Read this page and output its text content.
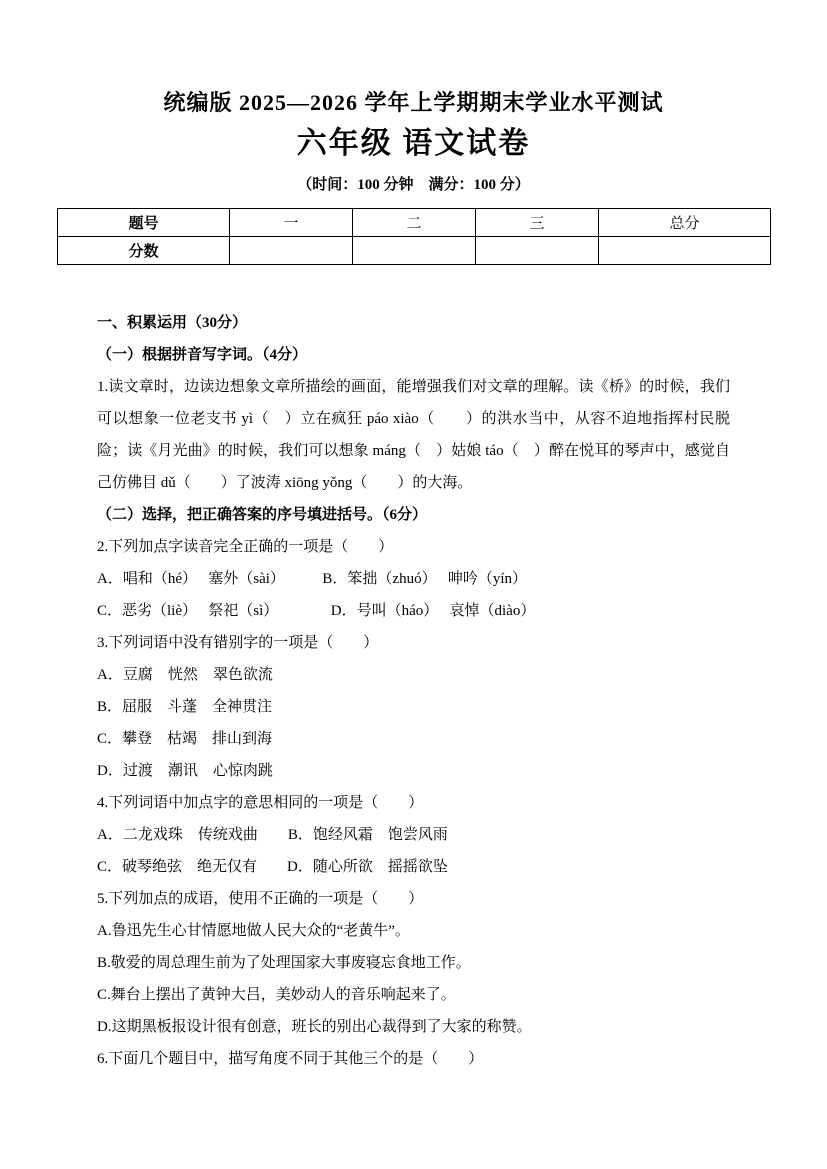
统编版 2025—2026 学年上学期期末学业水平测试
六年级 语文试卷
（时间：100 分钟　满分：100 分）
题号	一	二	三	总分
分数				

一、积累运用（30分）

（一）根据拼音写字词。（4分）

1.读文章时，边读边想象文章所描绘的画面，能增强我们对文章的理解。读《桥》的时候，我们可以想象一位老支书 yì（　）立在疯狂 páo xiào（　　）的洪水当中，从容不迫地指挥村民脱险；读《月光曲》的时候，我们可以想象 máng（　）姑娘 táo（　）醉在悦耳的琴声中，感觉自己仿佛目 dǔ（　　）了波涛 xiōng yǒng（　　）的大海。

（二）选择，把正确答案的序号填进括号。（6分）

2.下列加点字读音完全正确的一项是（　　）

A．唱和（hé）　 塞外（sài）　　　B．笨拙（zhuó）　 呻吟（yín）

C．恶劣（liè）　 祭祀（sì）　　　　D．号叫（háo）　 哀悼（diào）

3.下列词语中没有错别字的一项是（　　）

A．豆腐　恍然　翠色欲流

B．屈服　斗蓬　全神贯注

C．攀登　枯竭　排山到海

D．过渡　潮讯　心惊肉跳

4.下列词语中加点字的意思相同的一项是（　　）

A．二龙戏珠　传统戏曲　　B．饱经风霜　饱尝风雨

C．破琴绝弦　绝无仅有　　D．随心所欲　摇摇欲坠

5.下列加点的成语，使用不正确的一项是（　　）

A.鲁迅先生心甘情愿地做人民大众的“老黄牛”。

B.敬爱的周总理生前为了处理国家大事废寝忘食地工作。

C.舞台上摆出了黄钟大吕，美妙动人的音乐响起来了。

D.这期黑板报设计很有创意，班长的别出心裁得到了大家的称赞。

6.下面几个题目中，描写角度不同于其他三个的是（　　）
